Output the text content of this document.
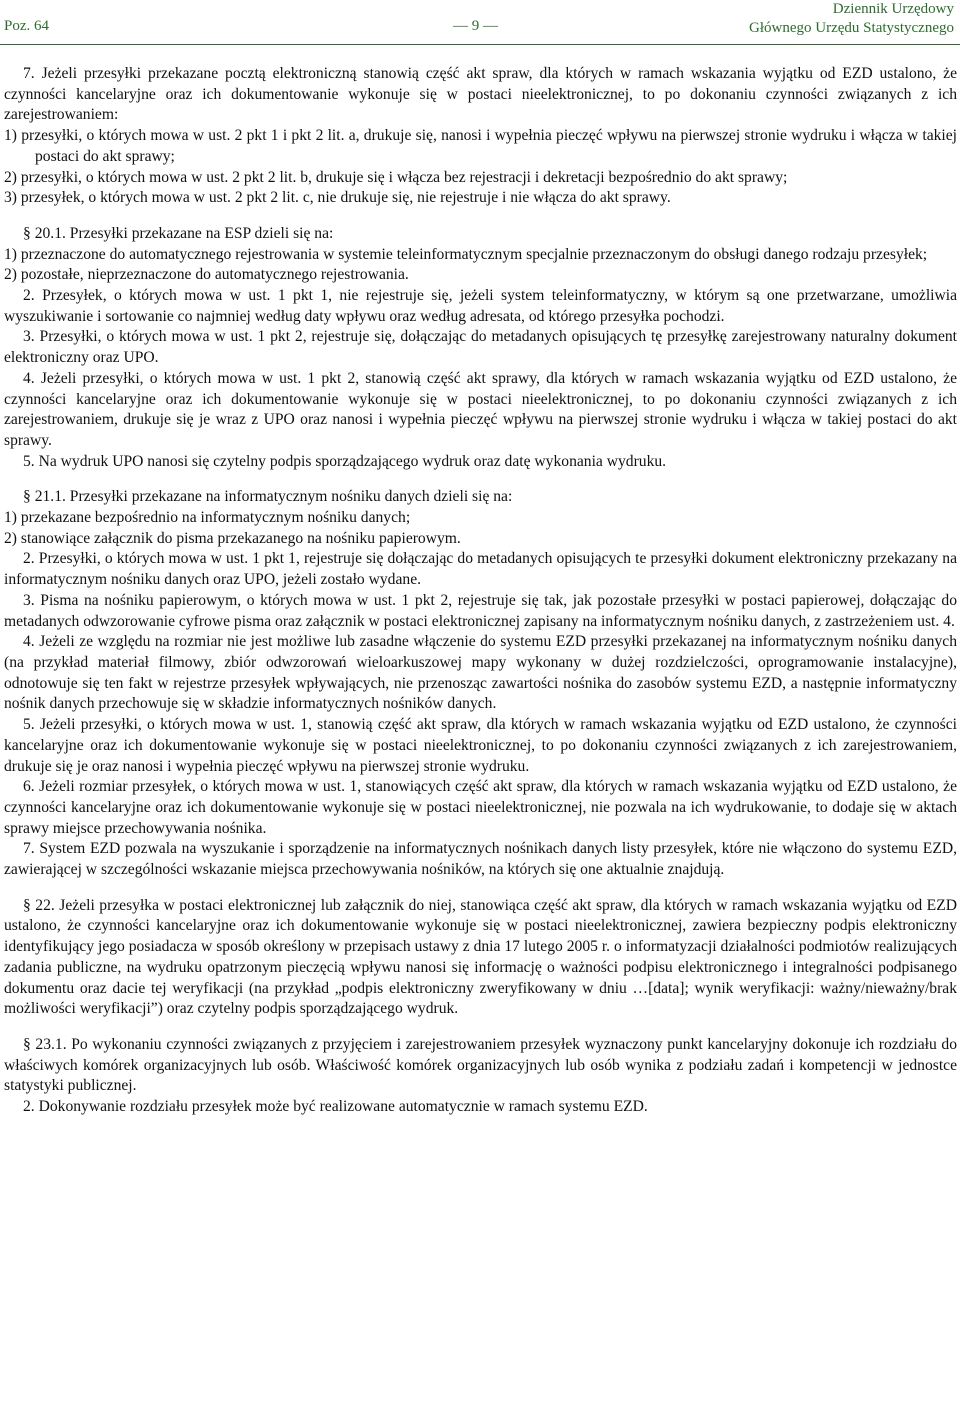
Poz. 64	— 9 —
Dziennik Urzędowy
Głównego Urzędu Statystycznego

7. Jeżeli przesyłki przekazane pocztą elektroniczną stanowią część akt spraw, dla których w ramach wskazania wyjątku od EZD ustalono, że czynności kancelaryjne oraz ich dokumentowanie wykonuje się w postaci nieelektronicznej, to po dokonaniu czynności związanych z ich zarejestrowaniem:

1) przesyłki, o których mowa w ust. 2 pkt 1 i pkt 2 lit. a, drukuje się, nanosi i wypełnia pieczęć wpływu na pierwszej stronie wydruku i włącza w takiej postaci do akt sprawy;

2) przesyłki, o których mowa w ust. 2 pkt 2 lit. b, drukuje się i włącza bez rejestracji i dekretacji bezpośrednio do akt sprawy;

3) przesyłek, o których mowa w ust. 2 pkt 2 lit. c, nie drukuje się, nie rejestruje i nie włącza do akt sprawy.

§ 20.1. Przesyłki przekazane na ESP dzieli się na:

1) przeznaczone do automatycznego rejestrowania w systemie teleinformatycznym specjalnie przeznaczonym do obsługi danego rodzaju przesyłek;

2) pozostałe, nieprzeznaczone do automatycznego rejestrowania.

2. Przesyłek, o których mowa w ust. 1 pkt 1, nie rejestruje się, jeżeli system teleinformatyczny, w którym są one przetwarzane, umożliwia wyszukiwanie i sortowanie co najmniej według daty wpływu oraz według adresata, od którego przesyłka pochodzi.

3. Przesyłki, o których mowa w ust. 1 pkt 2, rejestruje się, dołączając do metadanych opisujących tę przesyłkę zarejestrowany naturalny dokument elektroniczny oraz UPO.

4. Jeżeli przesyłki, o których mowa w ust. 1 pkt 2, stanowią część akt sprawy, dla których w ramach wskazania wyjątku od EZD ustalono, że czynności kancelaryjne oraz ich dokumentowanie wykonuje się w postaci nieelektronicznej, to po dokonaniu czynności związanych z ich zarejestrowaniem, drukuje się je wraz z UPO oraz nanosi i wypełnia pieczęć wpływu na pierwszej stronie wydruku i włącza w takiej postaci do akt sprawy.

5. Na wydruk UPO nanosi się czytelny podpis sporządzającego wydruk oraz datę wykonania wydruku.

§ 21.1. Przesyłki przekazane na informatycznym nośniku danych dzieli się na:

1) przekazane bezpośrednio na informatycznym nośniku danych;

2) stanowiące załącznik do pisma przekazanego na nośniku papierowym.

2. Przesyłki, o których mowa w ust. 1 pkt 1, rejestruje się dołączając do metadanych opisujących te przesyłki dokument elektroniczny przekazany na informatycznym nośniku danych oraz UPO, jeżeli zostało wydane.

3. Pisma na nośniku papierowym, o których mowa w ust. 1 pkt 2, rejestruje się tak, jak pozostałe przesyłki w postaci papierowej, dołączając do metadanych odwzorowanie cyfrowe pisma oraz załącznik w postaci elektronicznej zapisany na informatycznym nośniku danych, z zastrzeżeniem ust. 4.

4. Jeżeli ze względu na rozmiar nie jest możliwe lub zasadne włączenie do systemu EZD przesyłki przekazanej na informatycznym nośniku danych (na przykład materiał filmowy, zbiór odwzorowań wieloarkuszowej mapy wykonany w dużej rozdzielczości, oprogramowanie instalacyjne), odnotowuje się ten fakt w rejestrze przesyłek wpływających, nie przenosząc zawartości nośnika do zasobów systemu EZD, a następnie informatyczny nośnik danych przechowuje się w składzie informatycznych nośników danych.

5. Jeżeli przesyłki, o których mowa w ust. 1, stanowią część akt spraw, dla których w ramach wskazania wyjątku od EZD ustalono, że czynności kancelaryjne oraz ich dokumentowanie wykonuje się w postaci nieelektronicznej, to po dokonaniu czynności związanych z ich zarejestrowaniem, drukuje się je oraz nanosi i wypełnia pieczęć wpływu na pierwszej stronie wydruku.

6. Jeżeli rozmiar przesyłek, o których mowa w ust. 1, stanowiących część akt spraw, dla których w ramach wskazania wyjątku od EZD ustalono, że czynności kancelaryjne oraz ich dokumentowanie wykonuje się w postaci nieelektronicznej, nie pozwala na ich wydrukowanie, to dodaje się w aktach sprawy miejsce przechowywania nośnika.

7. System EZD pozwala na wyszukanie i sporządzenie na informatycznych nośnikach danych listy przesyłek, które nie włączono do systemu EZD, zawierającej w szczególności wskazanie miejsca przechowywania nośników, na których się one aktualnie znajdują.

§ 22. Jeżeli przesyłka w postaci elektronicznej lub załącznik do niej, stanowiąca część akt spraw, dla których w ramach wskazania wyjątku od EZD ustalono, że czynności kancelaryjne oraz ich dokumentowanie wykonuje się w postaci nieelektronicznej, zawiera bezpieczny podpis elektroniczny identyfikujący jego posiadacza w sposób określony w przepisach ustawy z dnia 17 lutego 2005 r. o informatyzacji działalności podmiotów realizujących zadania publiczne, na wydruku opatrzonym pieczęcią wpływu nanosi się informację o ważności podpisu elektronicznego i integralności podpisanego dokumentu oraz dacie tej weryfikacji (na przykład „podpis elektroniczny zweryfikowany w dniu …[data]; wynik weryfikacji: ważny/nieważny/brak możliwości weryfikacji”) oraz czytelny podpis sporządzającego wydruk.

§ 23.1. Po wykonaniu czynności związanych z przyjęciem i zarejestrowaniem przesyłek wyznaczony punkt kancelaryjny dokonuje ich rozdziału do właściwych komórek organizacyjnych lub osób. Właściwość komórek organizacyjnych lub osób wynika z podziału zadań i kompetencji w jednostce statystyki publicznej.

2. Dokonywanie rozdziału przesyłek może być realizowane automatycznie w ramach systemu EZD.
